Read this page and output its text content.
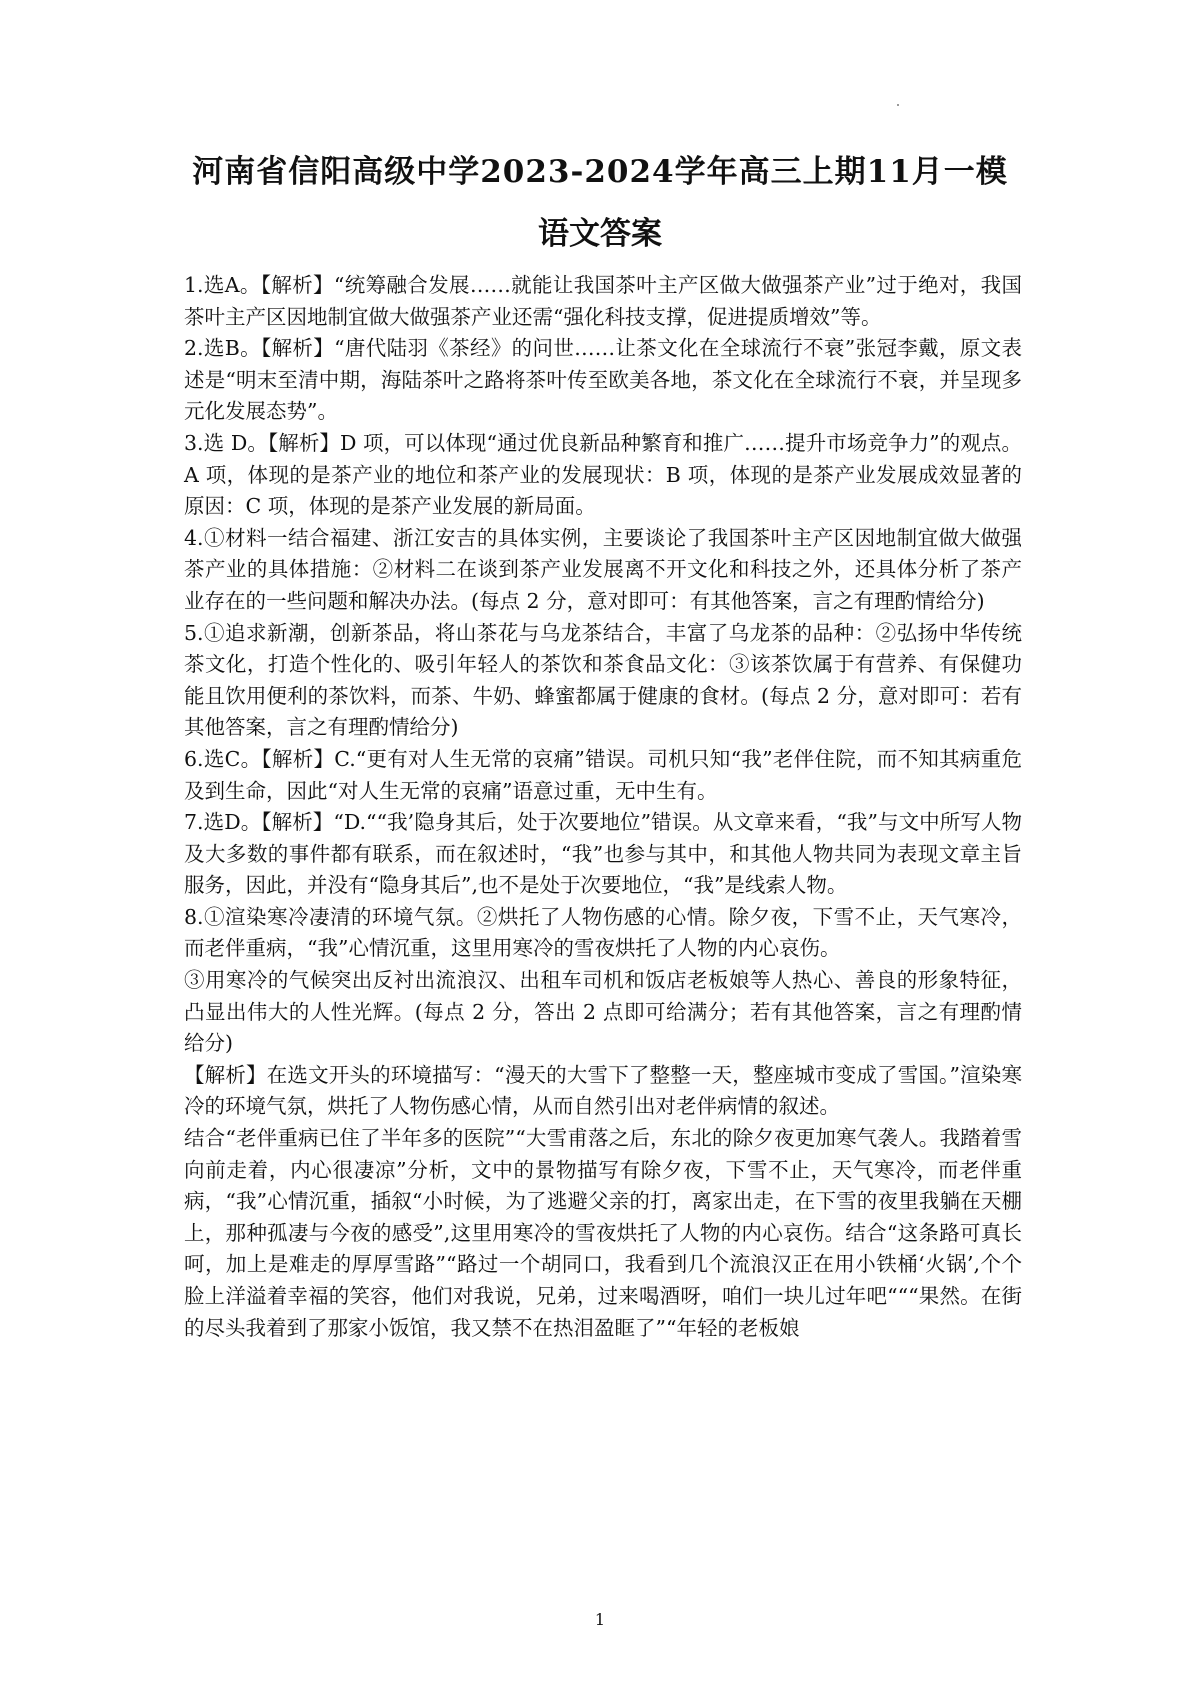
河南省信阳高级中学2023-2024学年高三上期11月一模
语文答案

1.选A。【解析】“统筹融合发展……就能让我国茶叶主产区做大做强茶产业”过于绝对，我国茶叶主产区因地制宜做大做强茶产业还需“强化科技支撑，促进提质增效”等。

2.选B。【解析】“唐代陆羽《茶经》的问世……让茶文化在全球流行不衰”张冠李戴，原文表述是“明末至清中期，海陆茶叶之路将茶叶传至欧美各地，茶文化在全球流行不衰，并呈现多元化发展态势”。

3.选 D。【解析】D 项，可以体现“通过优良新品种繁育和推广……提升市场竞争力”的观点。A 项，体现的是茶产业的地位和茶产业的发展现状：B 项，体现的是茶产业发展成效显著的原因：C 项，体现的是茶产业发展的新局面。

4.①材料一结合福建、浙江安吉的具体实例，主要谈论了我国茶叶主产区因地制宜做大做强茶产业的具体措施：②材料二在谈到茶产业发展离不开文化和科技之外，还具体分析了茶产业存在的一些问题和解决办法。(每点 2 分，意对即可：有其他答案，言之有理酌情给分)

5.①追求新潮，创新茶品，将山茶花与乌龙茶结合，丰富了乌龙茶的品种：②弘扬中华传统茶文化，打造个性化的、吸引年轻人的茶饮和茶食品文化：③该茶饮属于有营养、有保健功能且饮用便利的茶饮料，而茶、牛奶、蜂蜜都属于健康的食材。(每点 2 分，意对即可：若有其他答案，言之有理酌情给分)

6.选C。【解析】C.“更有对人生无常的哀痛”错误。司机只知“我”老伴住院，而不知其病重危及到生命，因此“对人生无常的哀痛”语意过重，无中生有。

7.选D。【解析】“D.““我’隐身其后，处于次要地位”错误。从文章来看，“我”与文中所写人物及大多数的事件都有联系，而在叙述时，“我”也参与其中，和其他人物共同为表现文章主旨服务，因此，并没有“隐身其后”,也不是处于次要地位，“我”是线索人物。

8.①渲染寒冷凄清的环境气氛。②烘托了人物伤感的心情。除夕夜，下雪不止，天气寒冷，而老伴重病，“我”心情沉重，这里用寒冷的雪夜烘托了人物的内心哀伤。

③用寒冷的气候突出反衬出流浪汉、出租车司机和饭店老板娘等人热心、善良的形象特征，凸显出伟大的人性光辉。(每点 2 分，答出 2 点即可给满分；若有其他答案，言之有理酌情给分)

【解析】在选文开头的环境描写：“漫天的大雪下了整整一天，整座城市变成了雪国。”渲染寒冷的环境气氛，烘托了人物伤感心情，从而自然引出对老伴病情的叙述。

结合“老伴重病已住了半年多的医院”“大雪甫落之后，东北的除夕夜更加寒气袭人。我踏着雪向前走着，内心很凄凉”分析，文中的景物描写有除夕夜，下雪不止，天气寒冷，而老伴重病，“我”心情沉重，插叙“小时候，为了逃避父亲的打，离家出走，在下雪的夜里我躺在天棚上，那种孤凄与今夜的感受”,这里用寒冷的雪夜烘托了人物的内心哀伤。结合“这条路可真长呵，加上是难走的厚厚雪路”“路过一个胡同口，我看到几个流浪汉正在用小铁桶‘火锅’,个个脸上洋溢着幸福的笑容，他们对我说，兄弟，过来喝酒呀，咱们一块儿过年吧“““果然。在街的尽头我着到了那家小饭馆，我又禁不在热泪盈眶了”“年轻的老板娘

1
